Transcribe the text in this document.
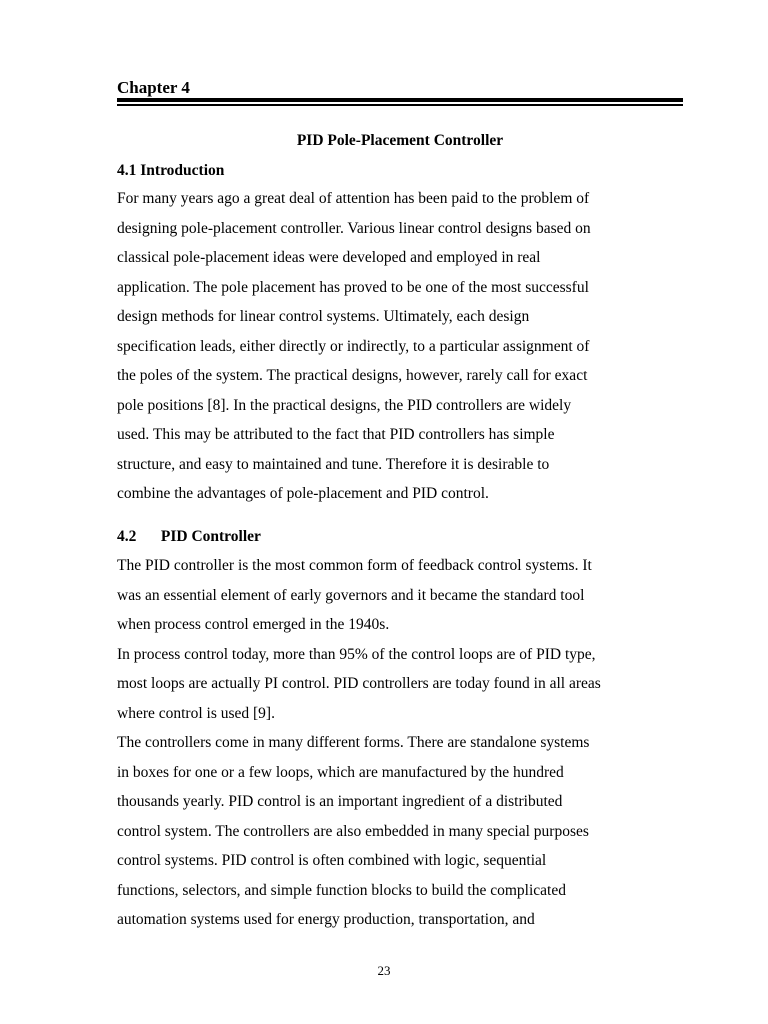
Chapter 4
PID Pole-Placement Controller
4.1 Introduction
For many years ago a great deal of attention has been paid to the problem of
designing pole-placement controller. Various linear control designs based on
classical pole-placement ideas were developed and employed in real
application. The pole placement has proved to be one of the most successful
design methods for linear control systems. Ultimately, each design
specification leads, either directly or indirectly, to a particular assignment of
the poles of the system. The practical designs, however, rarely call for exact
pole positions [8]. In the practical designs, the PID controllers are widely
used. This may be attributed to the fact that PID controllers has simple
structure, and easy to maintained and tune. Therefore it is desirable to
combine the advantages of pole-placement and PID control.
4.2 PID Controller
The PID controller is the most common form of feedback control systems. It
was an essential element of early governors and it became the standard tool
when process control emerged in the 1940s.
In process control today, more than 95% of the control loops are of PID type,
most loops are actually PI control. PID controllers are today found in all areas
where control is used [9].
The controllers come in many different forms. There are standalone systems
in boxes for one or a few loops, which are manufactured by the hundred
thousands yearly. PID control is an important ingredient of a distributed
control system. The controllers are also embedded in many special purposes
control systems. PID control is often combined with logic, sequential
functions, selectors, and simple function blocks to build the complicated
automation systems used for energy production, transportation, and
23
